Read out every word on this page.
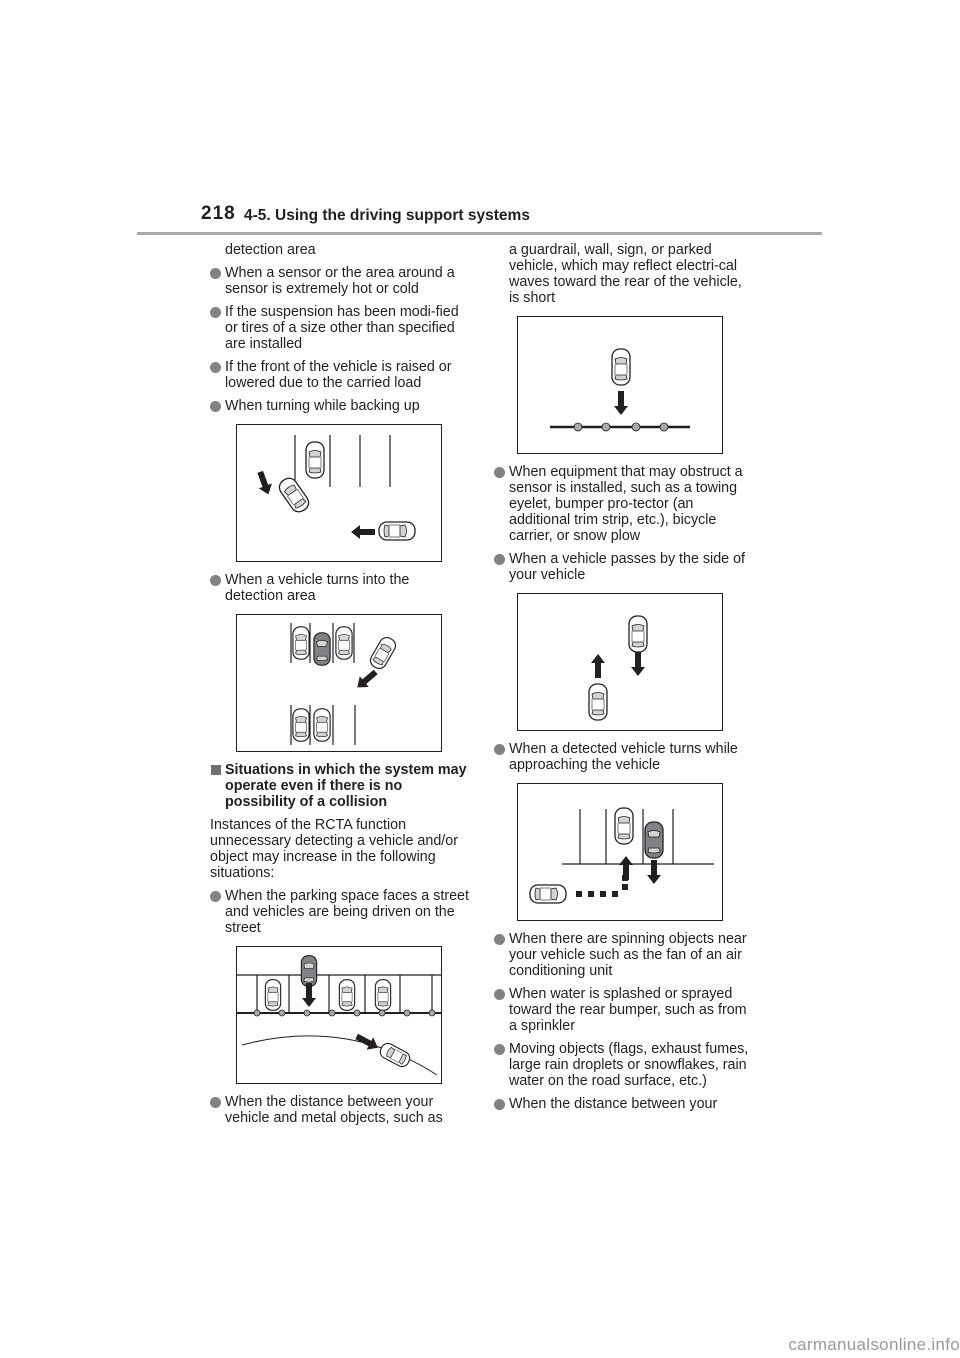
218 4-5. Using the driving support systems
detection area
When a sensor or the area around a sensor is extremely hot or cold
If the suspension has been modi-fied or tires of a size other than specified are installed
If the front of the vehicle is raised or lowered due to the carried load
When turning while backing up
When a vehicle turns into the detection area
Situations in which the system may operate even if there is no possibility of a collision
Instances of the RCTA function unnecessary detecting a vehicle and/or object may increase in the following situations:
When the parking space faces a street and vehicles are being driven on the street
When the distance between your vehicle and metal objects, such as
a guardrail, wall, sign, or parked vehicle, which may reflect electri-cal waves toward the rear of the vehicle, is short
When equipment that may obstruct a sensor is installed, such as a towing eyelet, bumper pro-tector (an additional trim strip, etc.), bicycle carrier, or snow plow
When a vehicle passes by the side of your vehicle
When a detected vehicle turns while approaching the vehicle
When there are spinning objects near your vehicle such as the fan of an air conditioning unit
When water is splashed or sprayed toward the rear bumper, such as from a sprinkler
Moving objects (flags, exhaust fumes, large rain droplets or snowflakes, rain water on the road surface, etc.)
When the distance between your
carmanualsonline.info
